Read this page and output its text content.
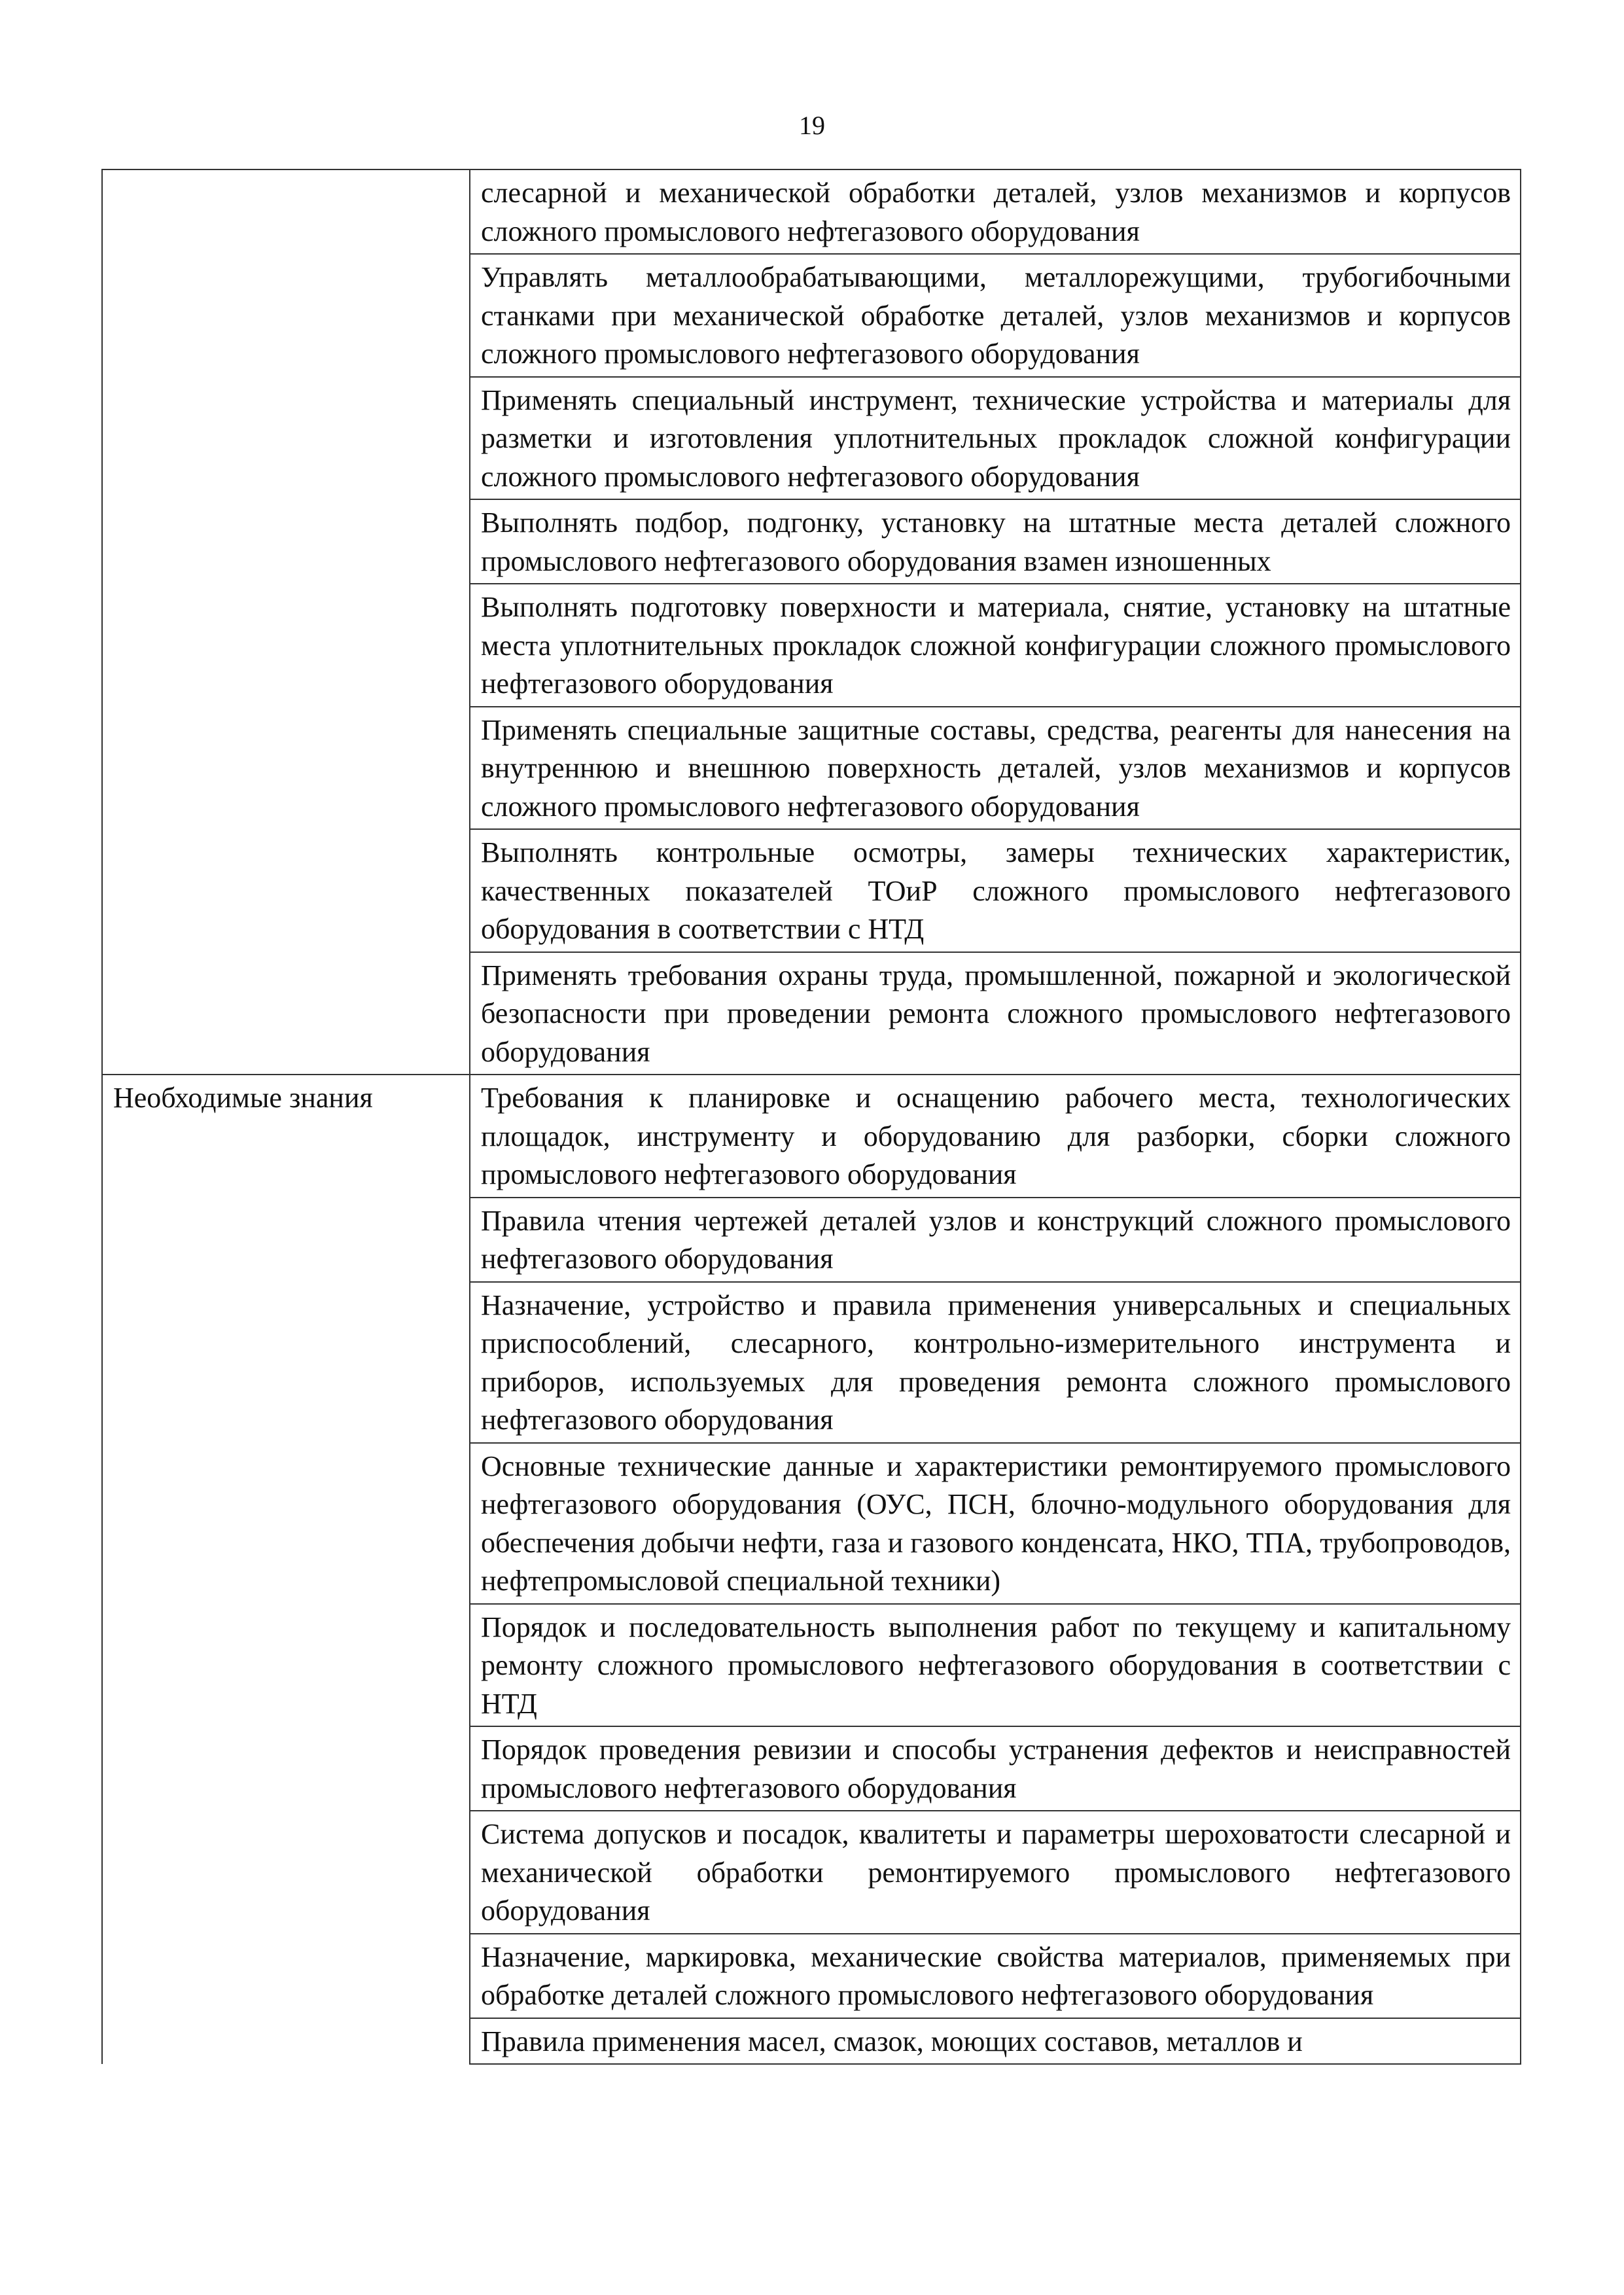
19
	слесарной и механической обработки деталей, узлов механизмов и корпусов сложного промыслового нефтегазового оборудования
	Управлять металлообрабатывающими, металлорежущими, трубогибочными станками при механической обработке деталей, узлов механизмов и корпусов сложного промыслового нефтегазового оборудования
	Применять специальный инструмент, технические устройства и материалы для разметки и изготовления уплотнительных прокладок сложной конфигурации сложного промыслового нефтегазового оборудования
	Выполнять подбор, подгонку, установку на штатные места деталей сложного промыслового нефтегазового оборудования взамен изношенных
	Выполнять подготовку поверхности и материала, снятие, установку на штатные места уплотнительных прокладок сложной конфигурации сложного промыслового нефтегазового оборудования
	Применять специальные защитные составы, средства, реагенты для нанесения на внутреннюю и внешнюю поверхность деталей, узлов механизмов и корпусов сложного промыслового нефтегазового оборудования
	Выполнять контрольные осмотры, замеры технических характеристик, качественных показателей ТОиР сложного промыслового нефтегазового оборудования в соответствии с НТД
	Применять требования охраны труда, промышленной, пожарной и экологической безопасности при проведении ремонта сложного промыслового нефтегазового оборудования
Необходимые знания	Требования к планировке и оснащению рабочего места, технологических площадок, инструменту и оборудованию для разборки, сборки сложного промыслового нефтегазового оборудования
	Правила чтения чертежей деталей узлов и конструкций сложного промыслового нефтегазового оборудования
	Назначение, устройство и правила применения универсальных и специальных приспособлений, слесарного, контрольно-измерительного инструмента и приборов, используемых для проведения ремонта сложного промыслового нефтегазового оборудования
	Основные технические данные и характеристики ремонтируемого промыслового нефтегазового оборудования (ОУС, ПСН, блочно-модульного оборудования для обеспечения добычи нефти, газа и газового конденсата, НКО, ТПА, трубопроводов, нефтепромысловой специальной техники)
	Порядок и последовательность выполнения работ по текущему и капитальному ремонту сложного промыслового нефтегазового оборудования в соответствии с НТД
	Порядок проведения ревизии и способы устранения дефектов и неисправностей промыслового нефтегазового оборудования
	Система допусков и посадок, квалитеты и параметры шероховатости слесарной и механической обработки ремонтируемого промыслового нефтегазового оборудования
	Назначение, маркировка, механические свойства материалов, применяемых при обработке деталей сложного промыслового нефтегазового оборудования
	Правила применения масел, смазок, моющих составов, металлов и
